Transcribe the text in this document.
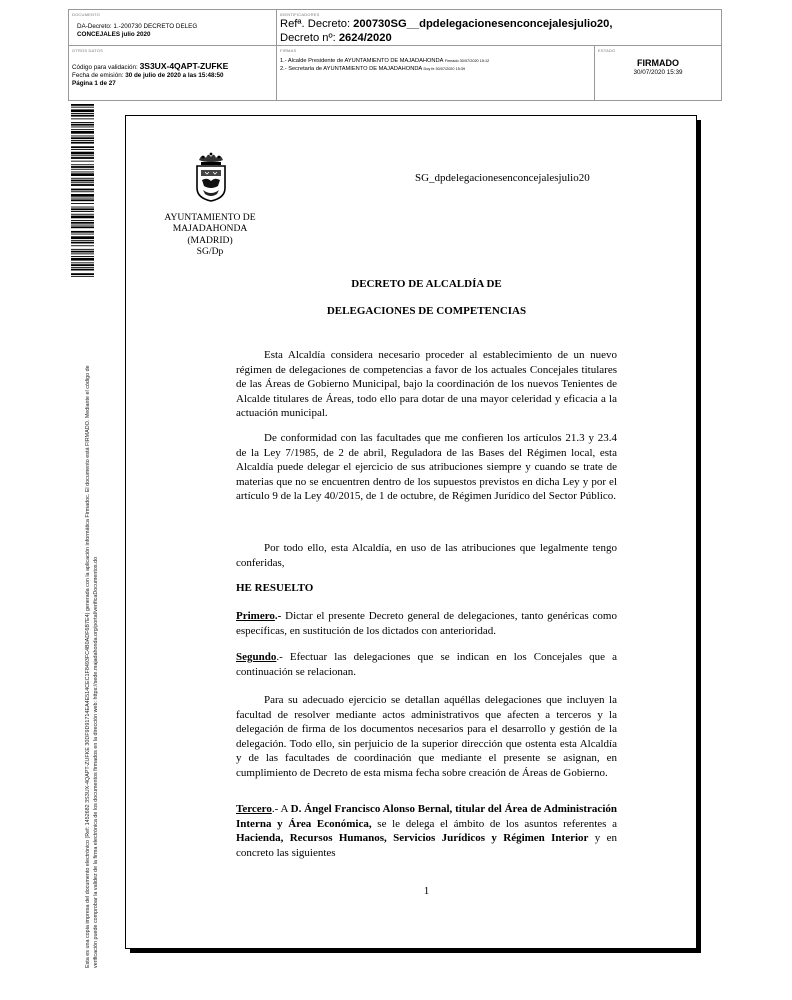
DOCUMENTO
DA-Decreto: 1.-200730 DECRETO DELEG
CONCEJALES julio 2020
IDENTIFICADORES
Refª. Decreto: 200730SG__dpdelegacionesenconcejalesjulio20,
Decreto nº: 2624/2020
OTROS DATOS
Código para validación: 3S3UX-4QAPT-ZUFKE
Fecha de emisión: 30 de julio de 2020 a las 15:48:50
Página 1 de 27
FIRMAS
1.- Alcalde Presidente de AYUNTAMIENTO DE MAJADAHONDA Firmado 30/07/2020 15:12
2.- Secretaria de AYUNTAMIENTO DE MAJADAHONDA Doy fe 30/07/2020 15:39
ESTADO
FIRMADO
30/07/2020 15:39
Esta es una copia impresa del documento electrónico (Ref: 1452682 3S3UX-4QAPT-ZUFKE 30DF9D91714EA4E514CEC1F8493FC4B0ADF6B7E4) generada con la aplicación informática Firmadoc. El documento está FIRMADO. Mediante el código de verificación puede comprobar la validez de la firma electrónica de los documentos firmados en la dirección web: https://sede.majadahonda.org/portal/verificaDocumentos.do
AYUNTAMIENTO DE
MAJADAHONDA
(MADRID)
SG/Dp
SG_dpdelegacionesenconcejalesjulio20
DECRETO DE ALCALDÍA DE
DELEGACIONES DE COMPETENCIAS
Esta Alcaldía considera necesario proceder al establecimiento de un nuevo régimen de delegaciones de competencias a favor de los actuales Concejales titulares de las Áreas de Gobierno Municipal, bajo la coordinación de los nuevos Tenientes de Alcalde titulares de Áreas, todo ello para dotar de una mayor celeridad y eficacia a la actuación municipal.
De conformidad con las facultades que me confieren los artículos 21.3 y 23.4 de la Ley 7/1985, de 2 de abril, Reguladora de las Bases del Régimen local, esta Alcaldía puede delegar el ejercicio de sus atribuciones siempre y cuando se trate de materias que no se encuentren dentro de los supuestos previstos en dicha Ley y por el artículo 9 de la Ley 40/2015, de 1 de octubre, de Régimen Jurídico del Sector Público.
Por todo ello, esta Alcaldía, en uso de las atribuciones que legalmente tengo conferidas,
HE RESUELTO
Primero.- Dictar el presente Decreto general de delegaciones, tanto genéricas como específicas, en sustitución de los dictados con anterioridad.
Segundo.- Efectuar las delegaciones que se indican en los Concejales que a continuación se relacionan.
Para su adecuado ejercicio se detallan aquéllas delegaciones que incluyen la facultad de resolver mediante actos administrativos que afecten a terceros y la delegación de firma de los documentos necesarios para el desarrollo y gestión de la delegación. Todo ello, sin perjuicio de la superior dirección que ostenta esta Alcaldía y de las facultades de coordinación que mediante el presente se asignan, en cumplimiento de Decreto de esta misma fecha sobre creación de Áreas de Gobierno.
Tercero.- A D. Ángel Francisco Alonso Bernal, titular del Área de Administración Interna y Área Económica, se le delega el ámbito de los asuntos referentes a Hacienda, Recursos Humanos, Servicios Jurídicos y Régimen Interior y en concreto las siguientes
1
